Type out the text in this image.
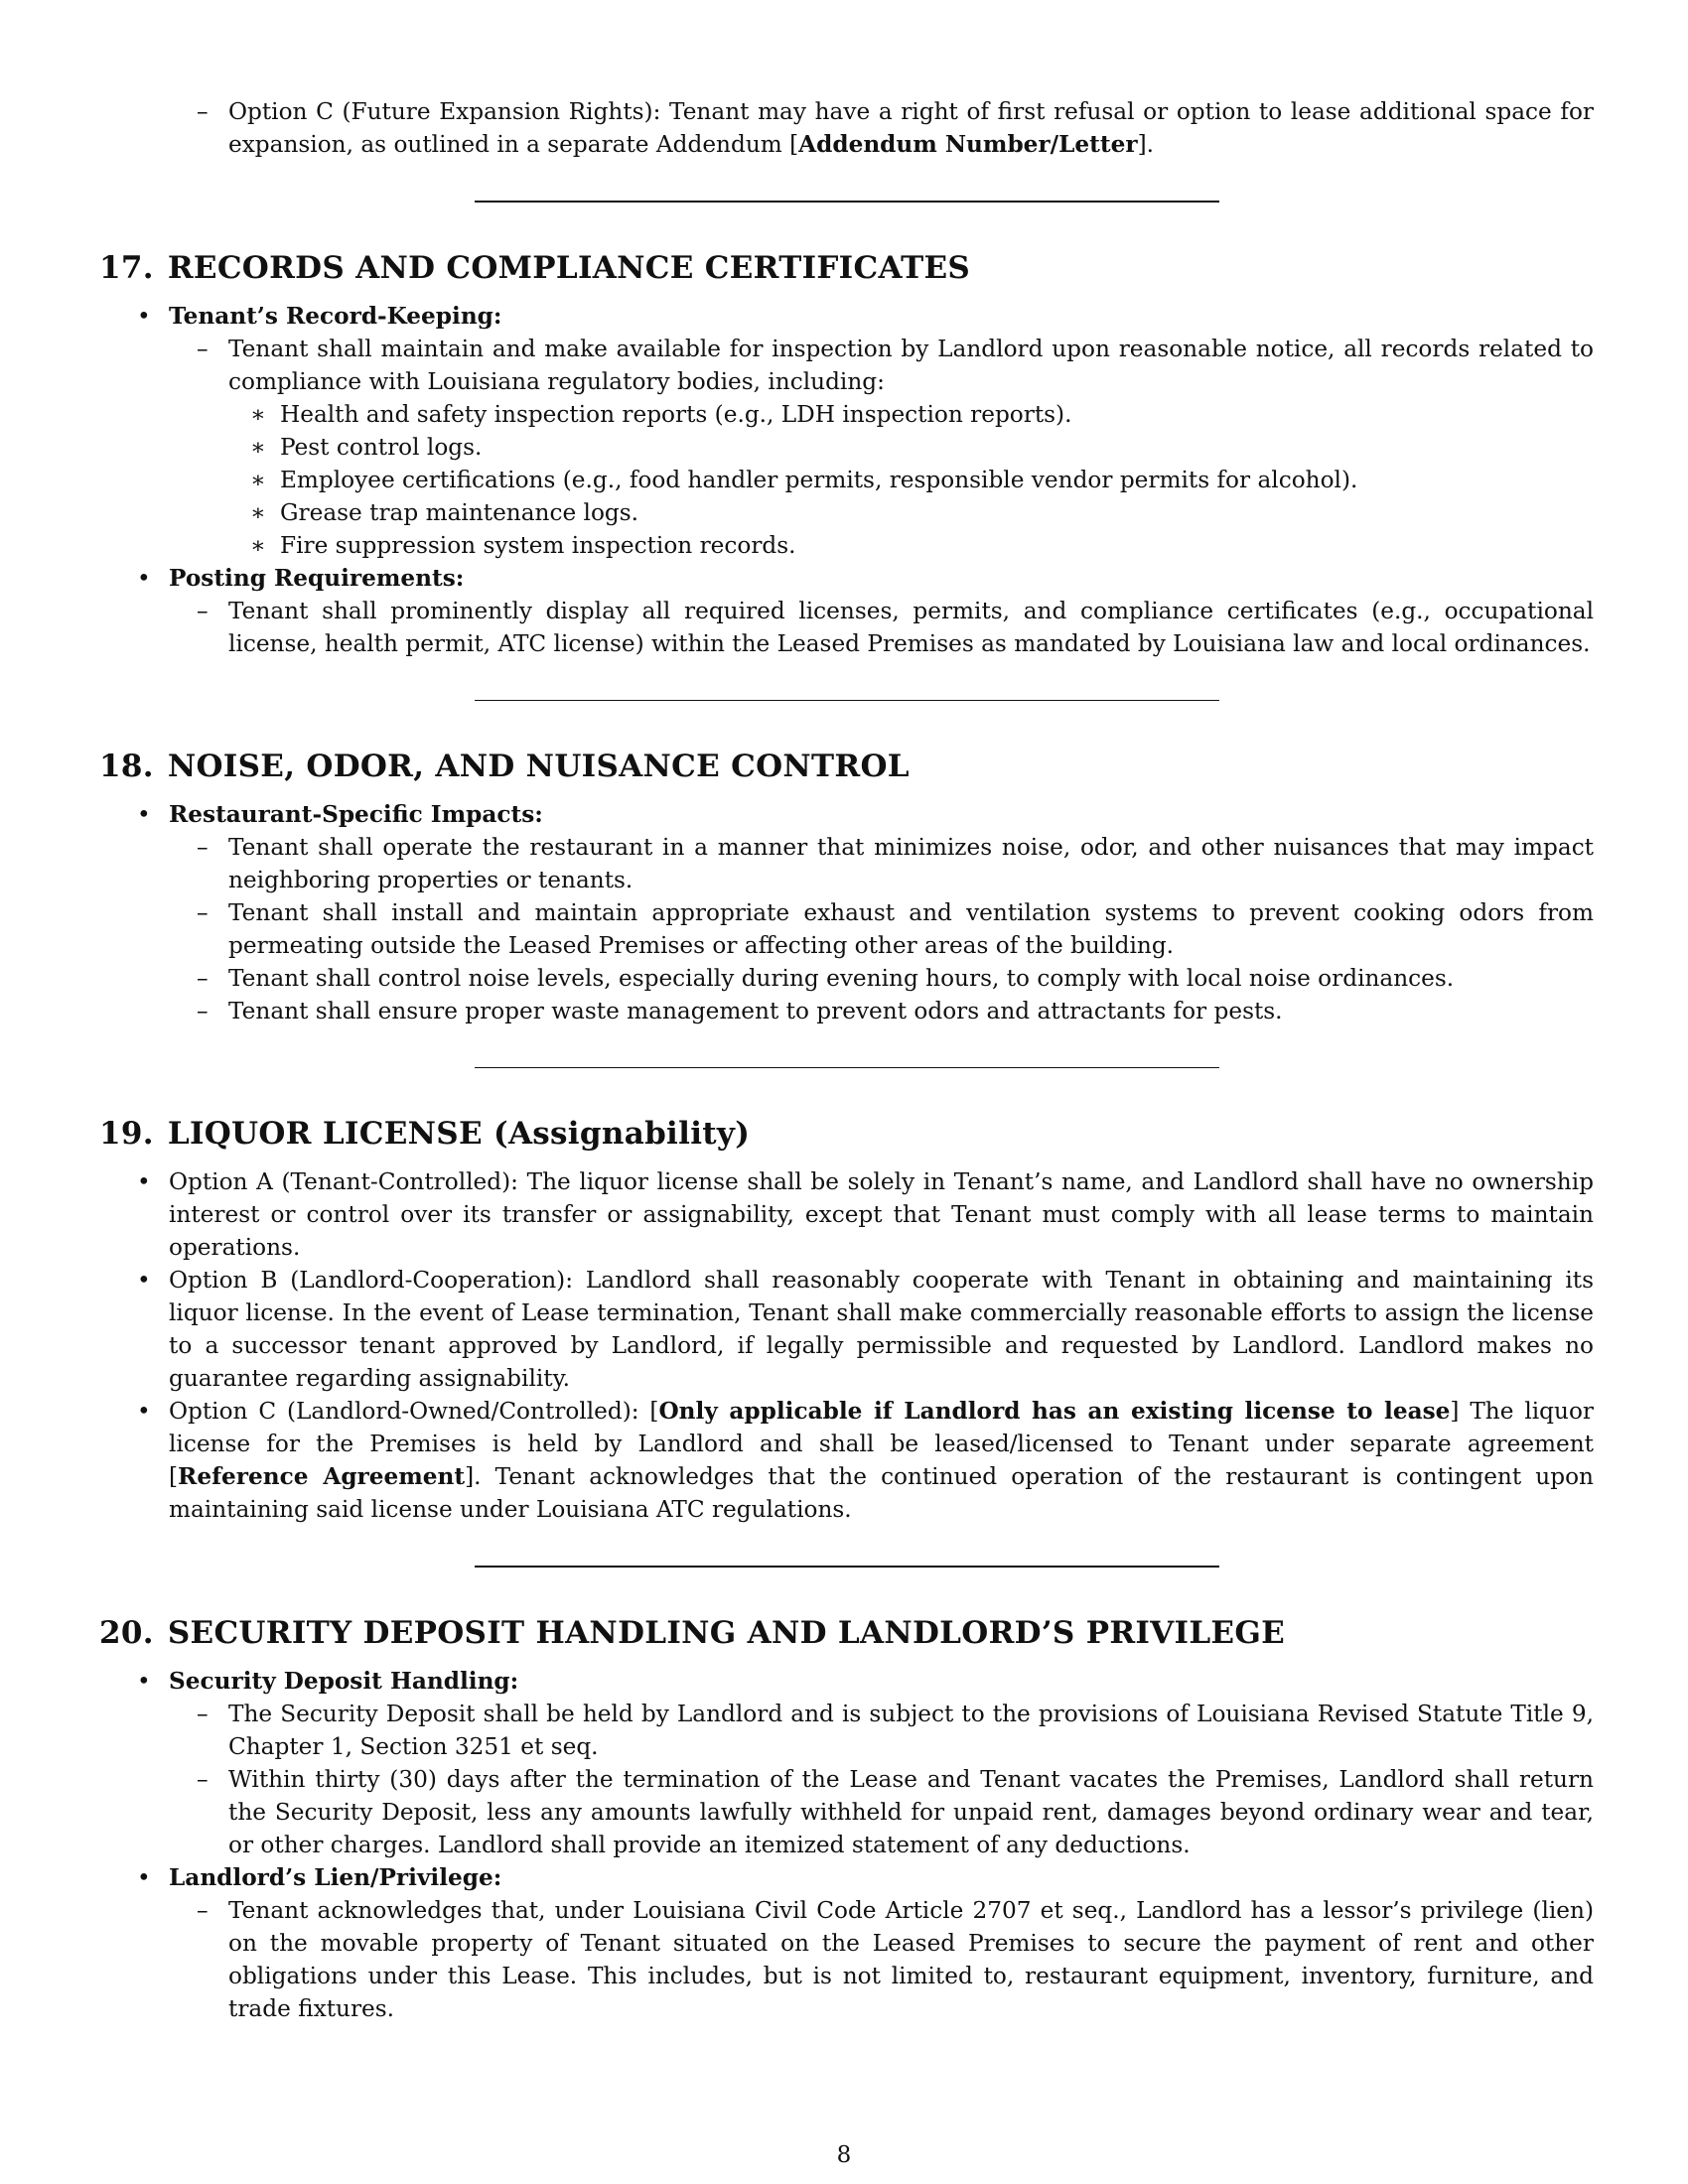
– Option C (Future Expansion Rights): Tenant may have a right of first refusal or option to lease additional space for expansion, as outlined in a separate Addendum [Addendum Number/Letter].
17. RECORDS AND COMPLIANCE CERTIFICATES
• Tenant’s Record-Keeping:
– Tenant shall maintain and make available for inspection by Landlord upon reasonable notice, all records related to compliance with Louisiana regulatory bodies, including:
∗ Health and safety inspection reports (e.g., LDH inspection reports).
∗ Pest control logs.
∗ Employee certifications (e.g., food handler permits, responsible vendor permits for alcohol).
∗ Grease trap maintenance logs.
∗ Fire suppression system inspection records.
• Posting Requirements:
– Tenant shall prominently display all required licenses, permits, and compliance certificates (e.g., occupational license, health permit, ATC license) within the Leased Premises as mandated by Louisiana law and local ordinances.
18. NOISE, ODOR, AND NUISANCE CONTROL
• Restaurant-Specific Impacts:
– Tenant shall operate the restaurant in a manner that minimizes noise, odor, and other nuisances that may impact neighboring properties or tenants.
– Tenant shall install and maintain appropriate exhaust and ventilation systems to prevent cooking odors from permeating outside the Leased Premises or affecting other areas of the building.
– Tenant shall control noise levels, especially during evening hours, to comply with local noise ordinances.
– Tenant shall ensure proper waste management to prevent odors and attractants for pests.
19. LIQUOR LICENSE (Assignability)
• Option A (Tenant-Controlled): The liquor license shall be solely in Tenant’s name, and Landlord shall have no ownership interest or control over its transfer or assignability, except that Tenant must comply with all lease terms to maintain operations.
• Option B (Landlord-Cooperation): Landlord shall reasonably cooperate with Tenant in obtaining and maintaining its liquor license. In the event of Lease termination, Tenant shall make commercially reasonable efforts to assign the license to a successor tenant approved by Landlord, if legally permissible and requested by Landlord. Landlord makes no guarantee regarding assignability.
• Option C (Landlord-Owned/Controlled): [Only applicable if Landlord has an existing license to lease] The liquor license for the Premises is held by Landlord and shall be leased/licensed to Tenant under separate agreement [Reference Agreement]. Tenant acknowledges that the continued operation of the restaurant is contingent upon maintaining said license under Louisiana ATC regulations.
20. SECURITY DEPOSIT HANDLING AND LANDLORD’S PRIVILEGE
• Security Deposit Handling:
– The Security Deposit shall be held by Landlord and is subject to the provisions of Louisiana Revised Statute Title 9, Chapter 1, Section 3251 et seq.
– Within thirty (30) days after the termination of the Lease and Tenant vacates the Premises, Landlord shall return the Security Deposit, less any amounts lawfully withheld for unpaid rent, damages beyond ordinary wear and tear, or other charges. Landlord shall provide an itemized statement of any deductions.
• Landlord’s Lien/Privilege:
– Tenant acknowledges that, under Louisiana Civil Code Article 2707 et seq., Landlord has a lessor’s privilege (lien) on the movable property of Tenant situated on the Leased Premises to secure the payment of rent and other obligations under this Lease. This includes, but is not limited to, restaurant equipment, inventory, furniture, and trade fixtures.
8
